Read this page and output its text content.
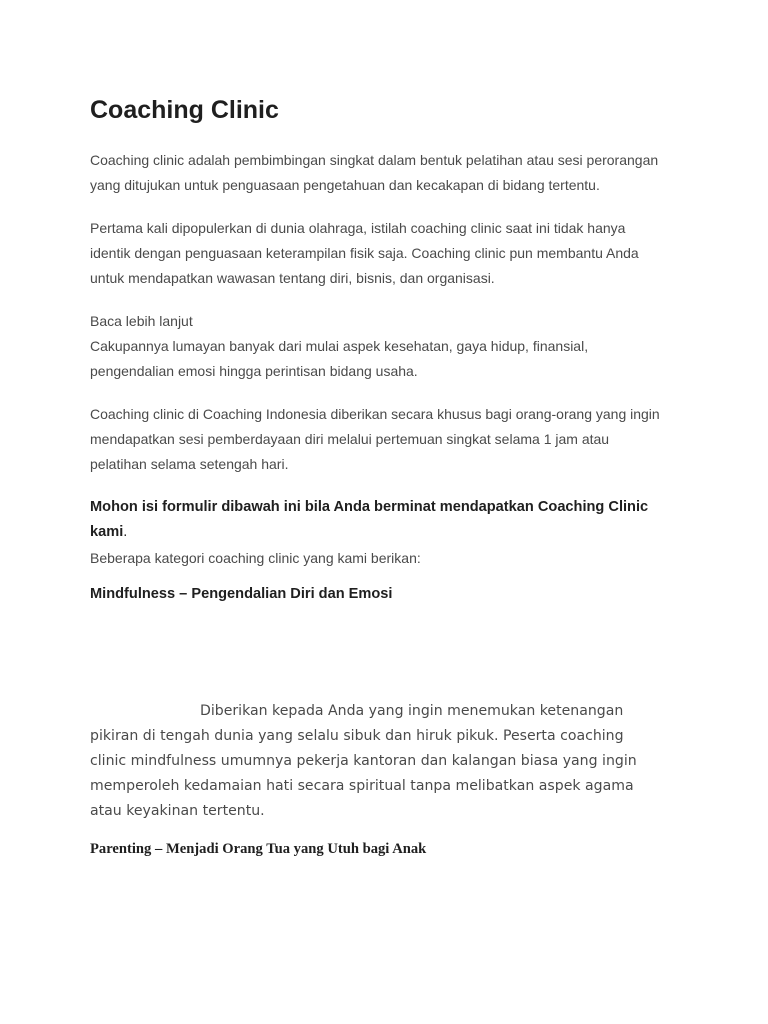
Coaching Clinic

Coaching clinic adalah pembimbingan singkat dalam bentuk pelatihan atau sesi perorangan
yang ditujukan untuk penguasaan pengetahuan dan kecakapan di bidang tertentu.

Pertama kali dipopulerkan di dunia olahraga, istilah coaching clinic saat ini tidak hanya
identik dengan penguasaan keterampilan fisik saja. Coaching clinic pun membantu Anda
untuk mendapatkan wawasan tentang diri, bisnis, dan organisasi.

Baca lebih lanjut
Cakupannya lumayan banyak dari mulai aspek kesehatan, gaya hidup, finansial,
pengendalian emosi hingga perintisan bidang usaha.

Coaching clinic di Coaching Indonesia diberikan secara khusus bagi orang-orang yang ingin
mendapatkan sesi pemberdayaan diri melalui pertemuan singkat selama 1 jam atau
pelatihan selama setengah hari.

Mohon isi formulir dibawah ini bila Anda berminat mendapatkan Coaching Clinic
kami.

Beberapa kategori coaching clinic yang kami berikan:

Mindfulness – Pengendalian Diri dan Emosi
Diberikan kepada Anda yang ingin menemukan ketenangan
pikiran di tengah dunia yang selalu sibuk dan hiruk pikuk. Peserta coaching
clinic mindfulness umumnya pekerja kantoran dan kalangan biasa yang ingin
memperoleh kedamaian hati secara spiritual tanpa melibatkan aspek agama
atau keyakinan tertentu.
Parenting – Menjadi Orang Tua yang Utuh bagi Anak
